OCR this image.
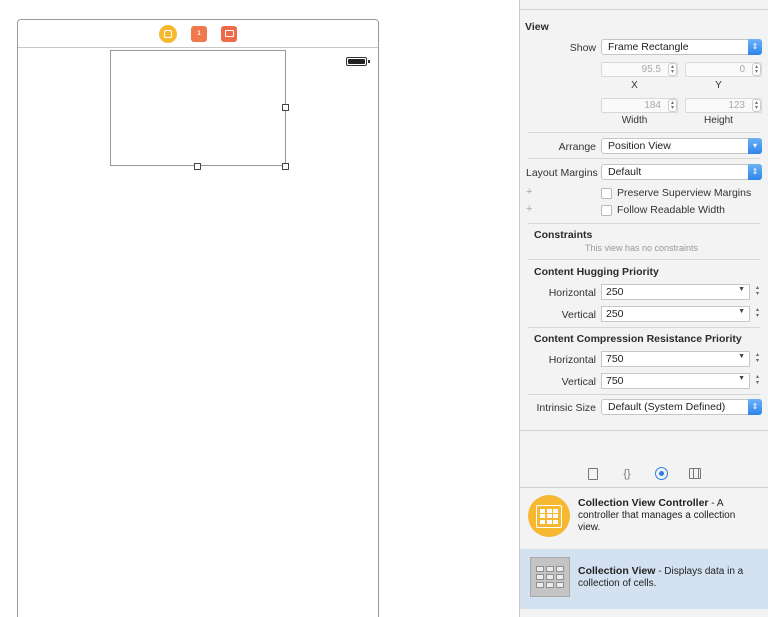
1
View
Show	Frame Rectangle	⇕
95.5	▴
▾	0	▴
▾
X	Y
184	▴
▾	123	▴
▾
Width	Height
Arrange	Position View	▾
Layout Margins Default	⇕
+	Preserve Superview Margins
+	Follow Readable Width
Constraints
This view has no constraints
Content Hugging Priority
Horizontal 250	▼	▴
▾
Vertical 250	▼	▴
▾
Content Compression Resistance Priority
Horizontal 750	▼	▴
▾
Vertical 750	▼	▴
▾
Intrinsic Size	Default (System Defined)	⇕
{}
Collection View Controller - A controller that manages a collection view.
Collection View - Displays data in a collection of cells.
